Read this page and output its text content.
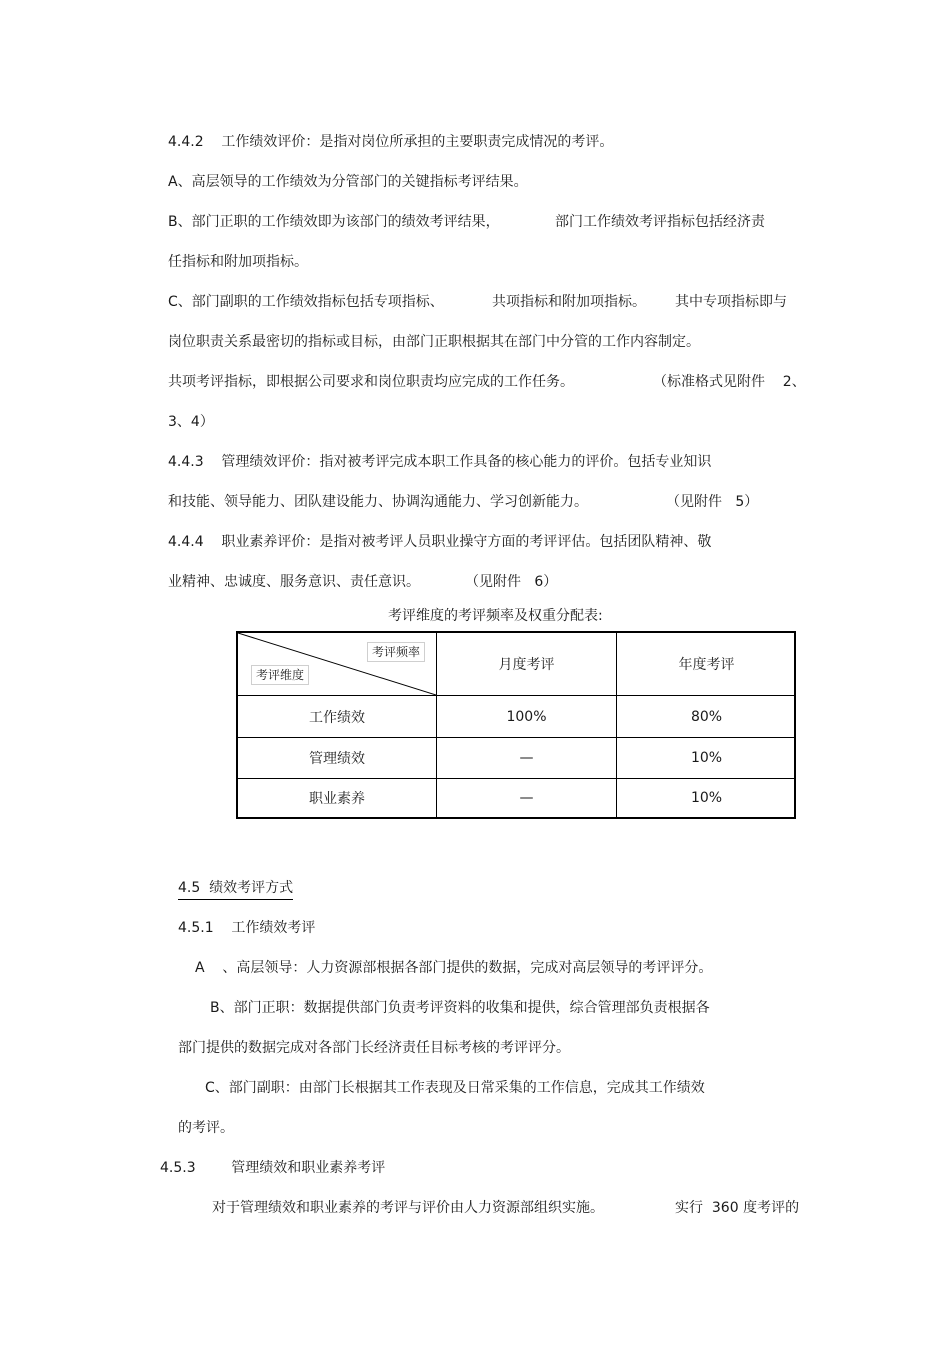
4.4.2    工作绩效评价：是指对岗位所承担的主要职责完成情况的考评。
A、高层领导的工作绩效为分管部门的关键指标考评结果。
B、部门正职的工作绩效即为该部门的绩效考评结果，	部门工作绩效考评指标包括经济责
任指标和附加项指标。
C、部门副职的工作绩效指标包括专项指标、	共项指标和附加项指标。 其中专项指标即与
岗位职责关系最密切的指标或目标，由部门正职根据其在部门中分管的工作内容制定。
共项考评指标，即根据公司要求和岗位职责均应完成的工作任务。	（标准格式见附件    2、
3、4）
4.4.3    管理绩效评价：指对被考评完成本职工作具备的核心能力的评价。包括专业知识
和技能、领导能力、团队建设能力、协调沟通能力、学习创新能力。	（见附件   5）
4.4.4    职业素养评价：是指对被考评人员职业操守方面的考评评估。包括团队精神、敬
业精神、忠诚度、服务意识、责任意识。	（见附件   6）
考评维度的考评频率及权重分配表:
考评频率
考评维度
月度考评	年度考评
工作绩效	100%	80%
管理绩效	—	10%
职业素养	—	10%
4.5  绩效考评方式
4.5.1    工作绩效考评
A    、高层领导：人力资源部根据各部门提供的数据，完成对高层领导的考评评分。
B、部门正职：数据提供部门负责考评资料的收集和提供，综合管理部负责根据各
部门提供的数据完成对各部门长经济责任目标考核的考评评分。
C、部门副职：由部门长根据其工作表现及日常采集的工作信息，完成其工作绩效
的考评。
4.5.3        管理绩效和职业素养考评
对于管理绩效和职业素养的考评与评价由人力资源部组织实施。	实行  360 度考评的
